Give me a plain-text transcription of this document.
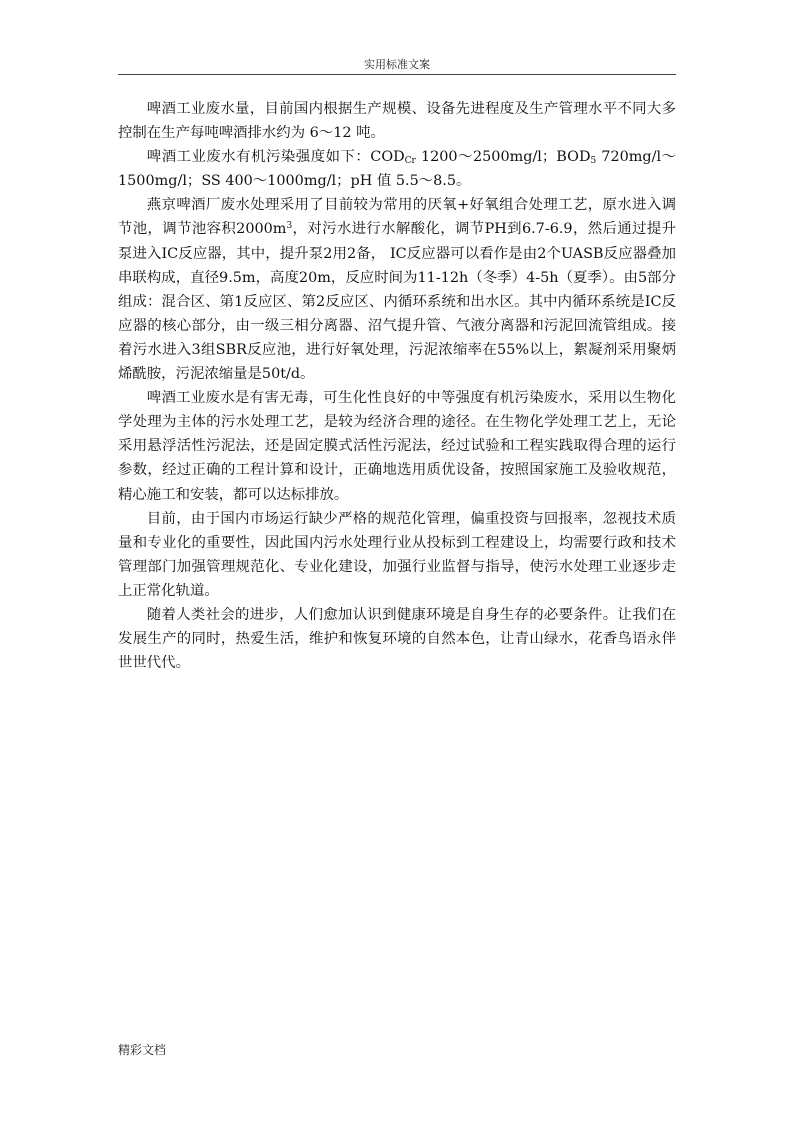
实用标准文案

啤酒工业废水量，目前国内根据生产规模、设备先进程度及生产管理水平不同大多控制在生产每吨啤酒排水约为 6～12 吨。

啤酒工业废水有机污染强度如下：$COD_{Cr}$ 1200～2500mg/l；$BOD_5$ 720mg/l～1500mg/l；SS 400～1000mg/l；pH 值 5.5～8.5。

燕京啤酒厂废水处理采用了目前较为常用的厌氧+好氧组合处理工艺，原水进入调节池，调节池容积$2000m^3$，对污水进行水解酸化，调节PH到6.7-6.9，然后通过提升泵进入IC反应器，其中，提升泵2用2备， IC反应器可以看作是由2个UASB反应器叠加串联构成，直径9.5m，高度20m，反应时间为11-12h（冬季）4-5h（夏季）。由5部分组成：混合区、第1反应区、第2反应区、内循环系统和出水区。其中内循环系统是IC反应器的核心部分，由一级三相分离器、沼气提升管、气液分离器和污泥回流管组成。接着污水进入3组SBR反应池，进行好氧处理，污泥浓缩率在55%以上，絮凝剂采用聚炳烯酰胺，污泥浓缩量是50t/d。

啤酒工业废水是有害无毒，可生化性良好的中等强度有机污染废水，采用以生物化学处理为主体的污水处理工艺，是较为经济合理的途径。在生物化学处理工艺上，无论采用悬浮活性污泥法，还是固定膜式活性污泥法，经过试验和工程实践取得合理的运行参数，经过正确的工程计算和设计，正确地选用质优设备，按照国家施工及验收规范，精心施工和安装，都可以达标排放。

目前，由于国内市场运行缺少严格的规范化管理，偏重投资与回报率，忽视技术质量和专业化的重要性，因此国内污水处理行业从投标到工程建设上，均需要行政和技术管理部门加强管理规范化、专业化建设，加强行业监督与指导，使污水处理工业逐步走上正常化轨道。

随着人类社会的进步，人们愈加认识到健康环境是自身生存的必要条件。让我们在发展生产的同时，热爱生活，维护和恢复环境的自然本色，让青山绿水，花香鸟语永伴世世代代。

精彩文档
